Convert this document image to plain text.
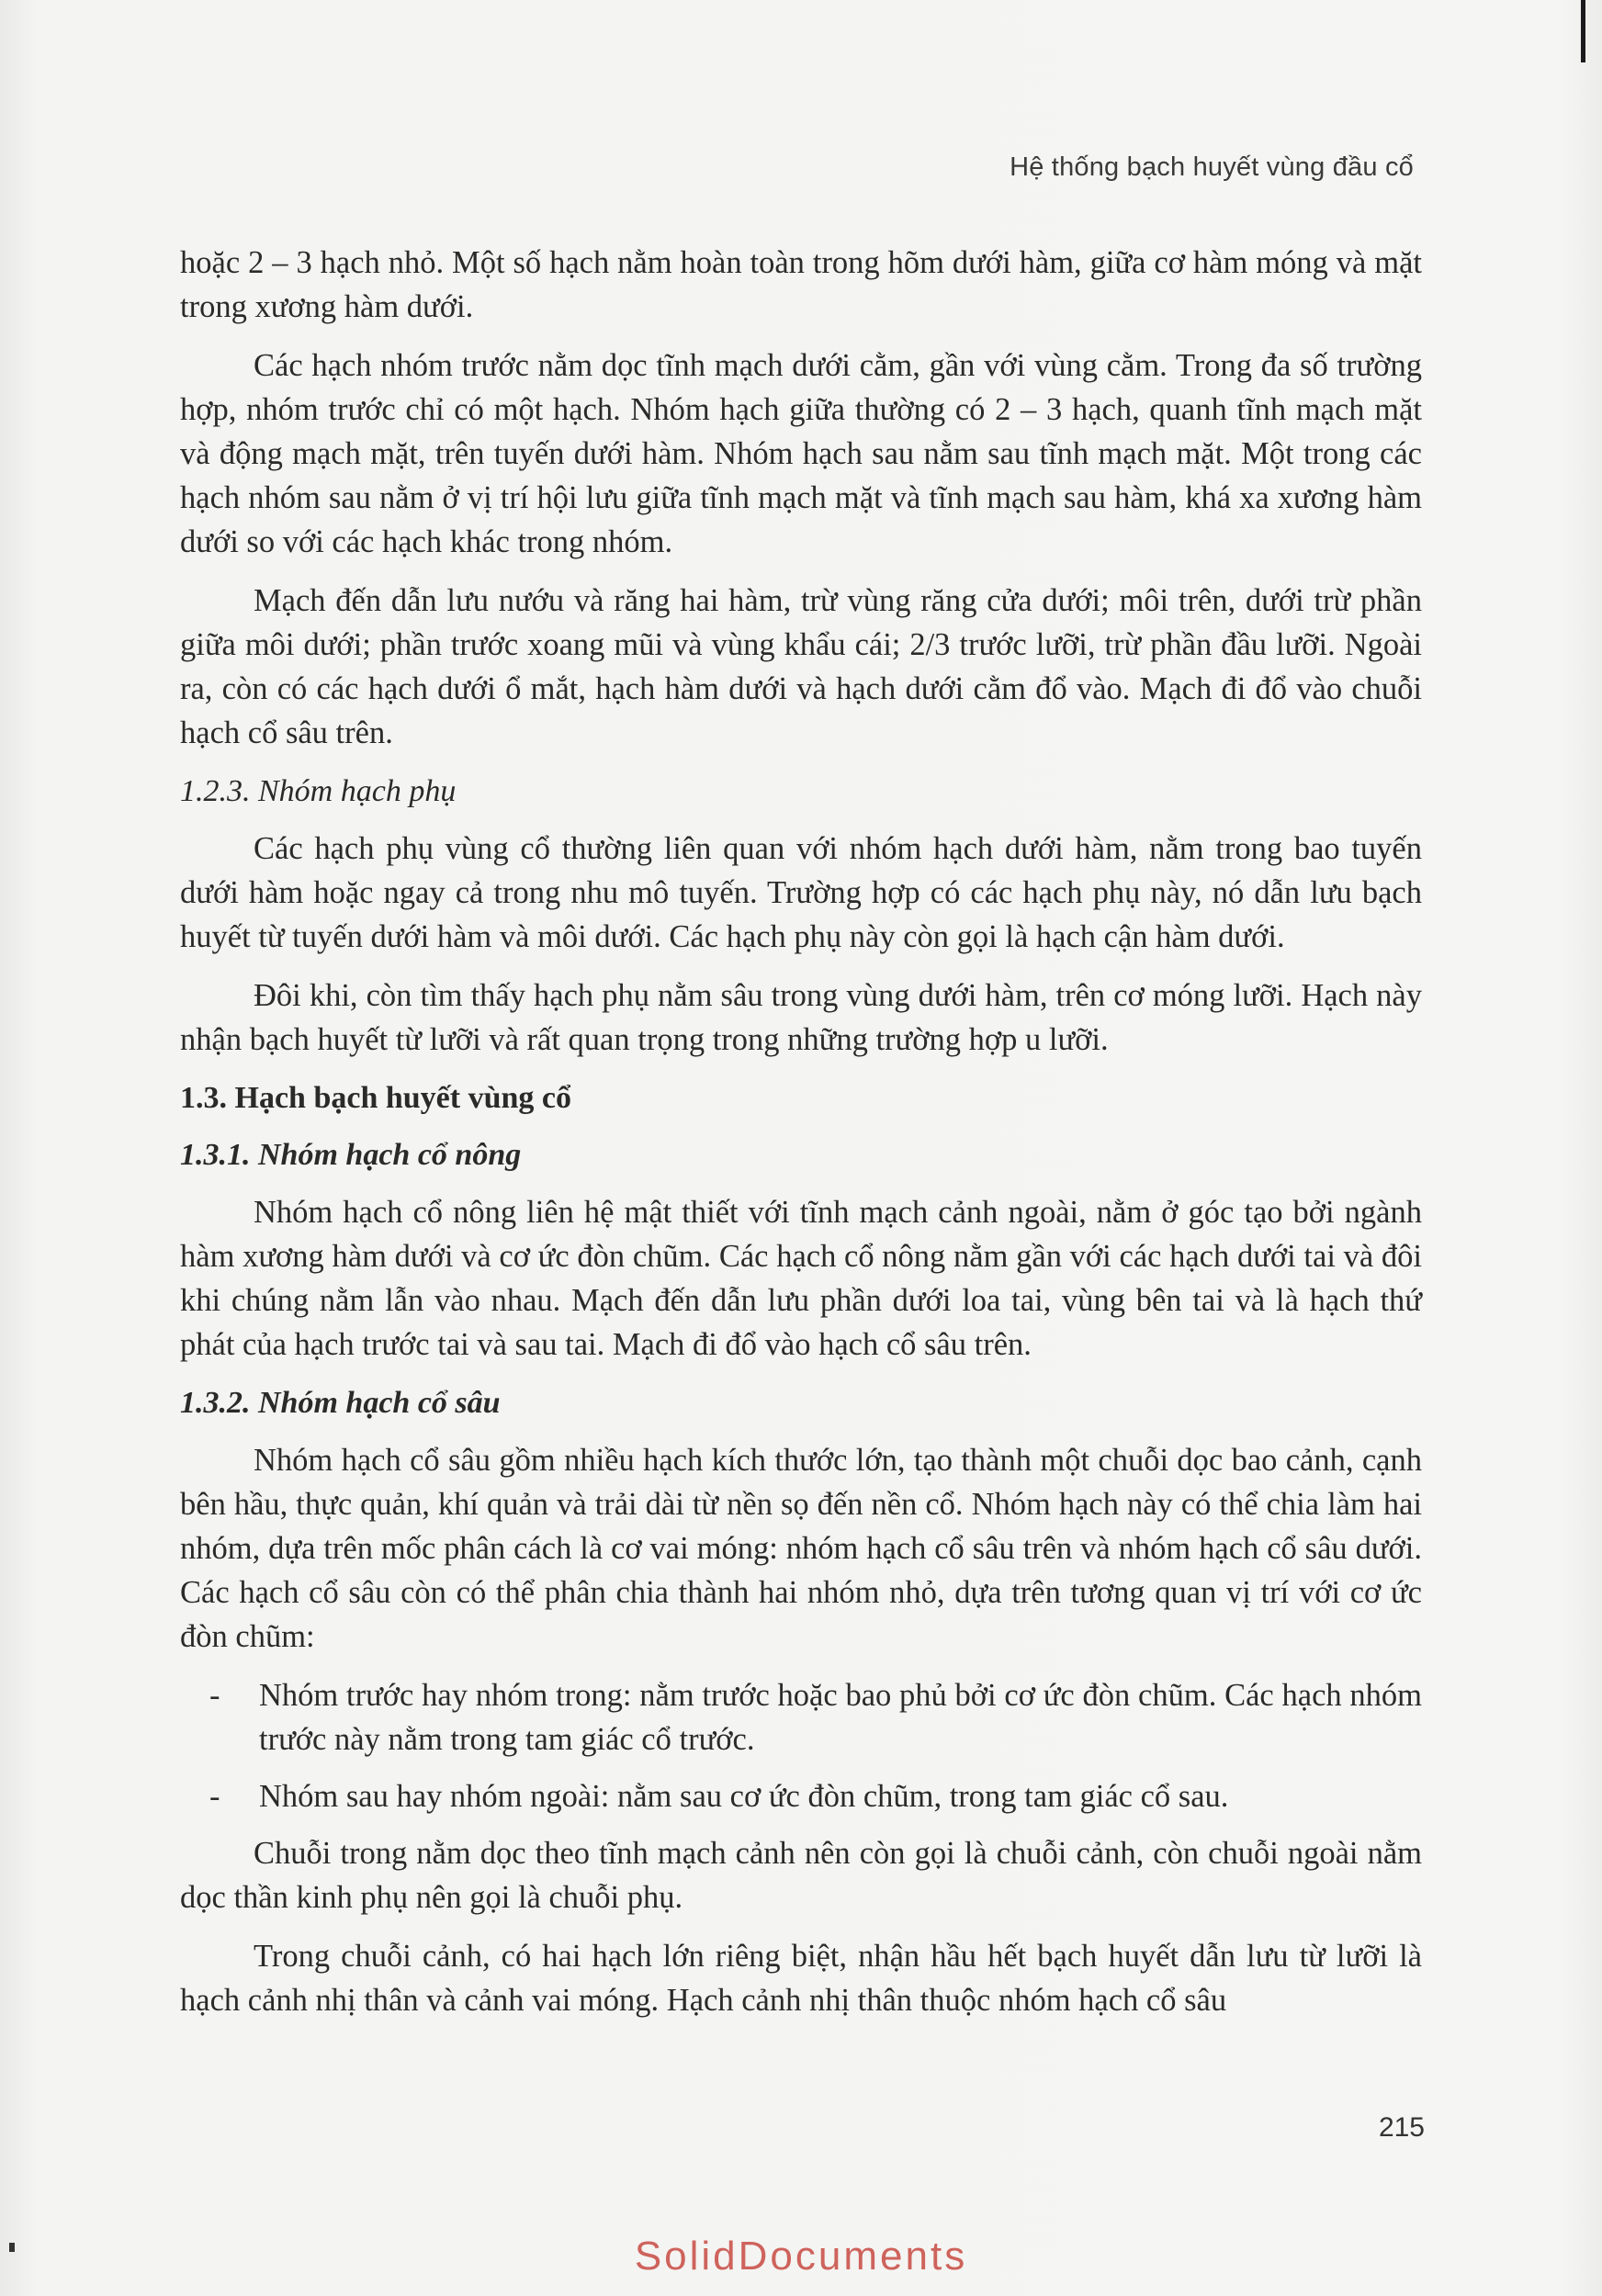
Hệ thống bạch huyết vùng đầu cổ

hoặc 2 – 3 hạch nhỏ. Một số hạch nằm hoàn toàn trong hõm dưới hàm, giữa cơ hàm móng và mặt trong xương hàm dưới.

Các hạch nhóm trước nằm dọc tĩnh mạch dưới cằm, gần với vùng cằm. Trong đa số trường hợp, nhóm trước chỉ có một hạch. Nhóm hạch giữa thường có 2 – 3 hạch, quanh tĩnh mạch mặt và động mạch mặt, trên tuyến dưới hàm. Nhóm hạch sau nằm sau tĩnh mạch mặt. Một trong các hạch nhóm sau nằm ở vị trí hội lưu giữa tĩnh mạch mặt và tĩnh mạch sau hàm, khá xa xương hàm dưới so với các hạch khác trong nhóm.

Mạch đến dẫn lưu nướu và răng hai hàm, trừ vùng răng cửa dưới; môi trên, dưới trừ phần giữa môi dưới; phần trước xoang mũi và vùng khẩu cái; 2/3 trước lưỡi, trừ phần đầu lưỡi. Ngoài ra, còn có các hạch dưới ổ mắt, hạch hàm dưới và hạch dưới cằm đổ vào. Mạch đi đổ vào chuỗi hạch cổ sâu trên.

1.2.3. Nhóm hạch phụ

Các hạch phụ vùng cổ thường liên quan với nhóm hạch dưới hàm, nằm trong bao tuyến dưới hàm hoặc ngay cả trong nhu mô tuyến. Trường hợp có các hạch phụ này, nó dẫn lưu bạch huyết từ tuyến dưới hàm và môi dưới. Các hạch phụ này còn gọi là hạch cận hàm dưới.

Đôi khi, còn tìm thấy hạch phụ nằm sâu trong vùng dưới hàm, trên cơ móng lưỡi. Hạch này nhận bạch huyết từ lưỡi và rất quan trọng trong những trường hợp u lưỡi.

1.3. Hạch bạch huyết vùng cổ
1.3.1. Nhóm hạch cổ nông

Nhóm hạch cổ nông liên hệ mật thiết với tĩnh mạch cảnh ngoài, nằm ở góc tạo bởi ngành hàm xương hàm dưới và cơ ức đòn chũm. Các hạch cổ nông nằm gần với các hạch dưới tai và đôi khi chúng nằm lẫn vào nhau. Mạch đến dẫn lưu phần dưới loa tai, vùng bên tai và là hạch thứ phát của hạch trước tai và sau tai. Mạch đi đổ vào hạch cổ sâu trên.

1.3.2. Nhóm hạch cổ sâu

Nhóm hạch cổ sâu gồm nhiều hạch kích thước lớn, tạo thành một chuỗi dọc bao cảnh, cạnh bên hầu, thực quản, khí quản và trải dài từ nền sọ đến nền cổ. Nhóm hạch này có thể chia làm hai nhóm, dựa trên mốc phân cách là cơ vai móng: nhóm hạch cổ sâu trên và nhóm hạch cổ sâu dưới. Các hạch cổ sâu còn có thể phân chia thành hai nhóm nhỏ, dựa trên tương quan vị trí với cơ ức đòn chũm:

- Nhóm trước hay nhóm trong: nằm trước hoặc bao phủ bởi cơ ức đòn chũm. Các hạch nhóm trước này nằm trong tam giác cổ trước.
- Nhóm sau hay nhóm ngoài: nằm sau cơ ức đòn chũm, trong tam giác cổ sau.

Chuỗi trong nằm dọc theo tĩnh mạch cảnh nên còn gọi là chuỗi cảnh, còn chuỗi ngoài nằm dọc thần kinh phụ nên gọi là chuỗi phụ.

Trong chuỗi cảnh, có hai hạch lớn riêng biệt, nhận hầu hết bạch huyết dẫn lưu từ lưỡi là hạch cảnh nhị thân và cảnh vai móng. Hạch cảnh nhị thân thuộc nhóm hạch cổ sâu

215
SolidDocuments
